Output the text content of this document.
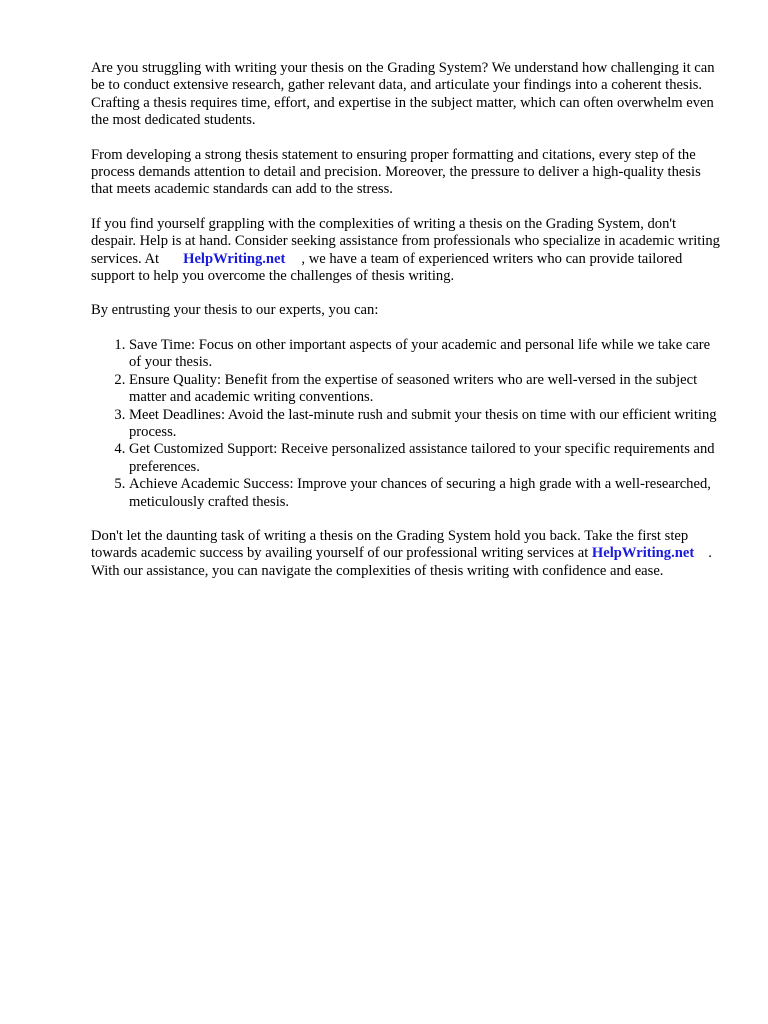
Are you struggling with writing your thesis on the Grading System? We understand how challenging it can be to conduct extensive research, gather relevant data, and articulate your findings into a coherent thesis. Crafting a thesis requires time, effort, and expertise in the subject matter, which can often overwhelm even the most dedicated students.

From developing a strong thesis statement to ensuring proper formatting and citations, every step of the process demands attention to detail and precision. Moreover, the pressure to deliver a high-quality thesis that meets academic standards can add to the stress.

If you find yourself grappling with the complexities of writing a thesis on the Grading System, don't despair. Help is at hand. Consider seeking assistance from professionals who specialize in academic writing services. At HelpWriting.net , we have a team of experienced writers who can provide tailored support to help you overcome the challenges of thesis writing.

By entrusting your thesis to our experts, you can:

1. Save Time: Focus on other important aspects of your academic and personal life while we take care of your thesis.
2. Ensure Quality: Benefit from the expertise of seasoned writers who are well-versed in the subject matter and academic writing conventions.
3. Meet Deadlines: Avoid the last-minute rush and submit your thesis on time with our efficient writing process.
4. Get Customized Support: Receive personalized assistance tailored to your specific requirements and preferences.
5. Achieve Academic Success: Improve your chances of securing a high grade with a well-researched, meticulously crafted thesis.

Don't let the daunting task of writing a thesis on the Grading System hold you back. Take the first step towards academic success by availing yourself of our professional writing services at HelpWriting.net . With our assistance, you can navigate the complexities of thesis writing with confidence and ease.
